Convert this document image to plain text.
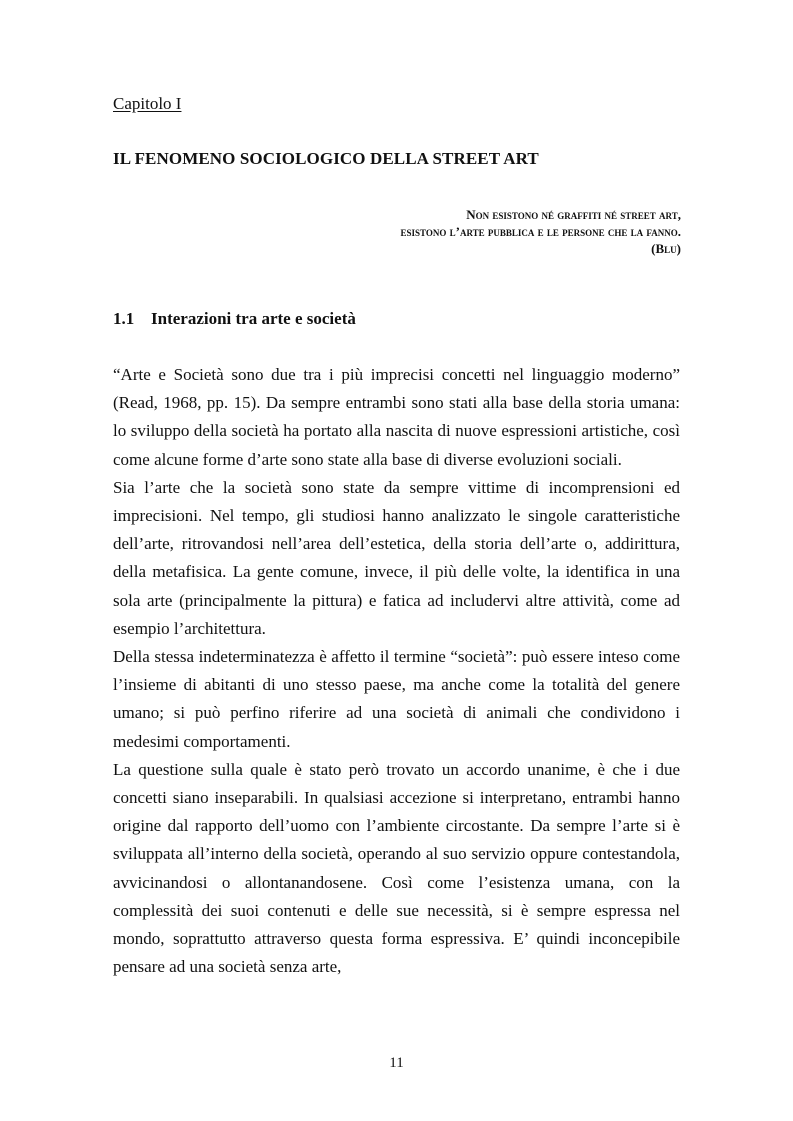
Capitolo I
IL FENOMENO SOCIOLOGICO DELLA STREET ART
Non esistono né graffiti né street art,
esistono l’arte pubblica e le persone che la fanno.
(Blu)
1.1 Interazioni tra arte e società

“Arte e Società sono due tra i più imprecisi concetti nel linguaggio moderno” (Read, 1968, pp. 15). Da sempre entrambi sono stati alla base della storia umana: lo sviluppo della società ha portato alla nascita di nuove espressioni artistiche, così come alcune forme d’arte sono state alla base di diverse evoluzioni sociali.

Sia l’arte che la società sono state da sempre vittime di incomprensioni ed imprecisioni. Nel tempo, gli studiosi hanno analizzato le singole caratteristiche dell’arte, ritrovandosi nell’area dell’estetica, della storia dell’arte o, addirittura, della metafisica. La gente comune, invece, il più delle volte, la identifica in una sola arte (principalmente la pittura) e fatica ad includervi altre attività, come ad esempio l’architettura.

Della stessa indeterminatezza è affetto il termine “società”: può essere inteso come l’insieme di abitanti di uno stesso paese, ma anche come la totalità del genere umano; si può perfino riferire ad una società di animali che condividono i medesimi comportamenti.

La questione sulla quale è stato però trovato un accordo unanime, è che i due concetti siano inseparabili. In qualsiasi accezione si interpretano, entrambi hanno origine dal rapporto dell’uomo con l’ambiente circostante. Da sempre l’arte si è sviluppata all’interno della società, operando al suo servizio oppure contestandola, avvicinandosi o allontanandosene. Così come l’esistenza umana, con la complessità dei suoi contenuti e delle sue necessità, si è sempre espressa nel mondo, soprattutto attraverso questa forma espressiva. E’ quindi inconcepibile pensare ad una società senza arte,

11
